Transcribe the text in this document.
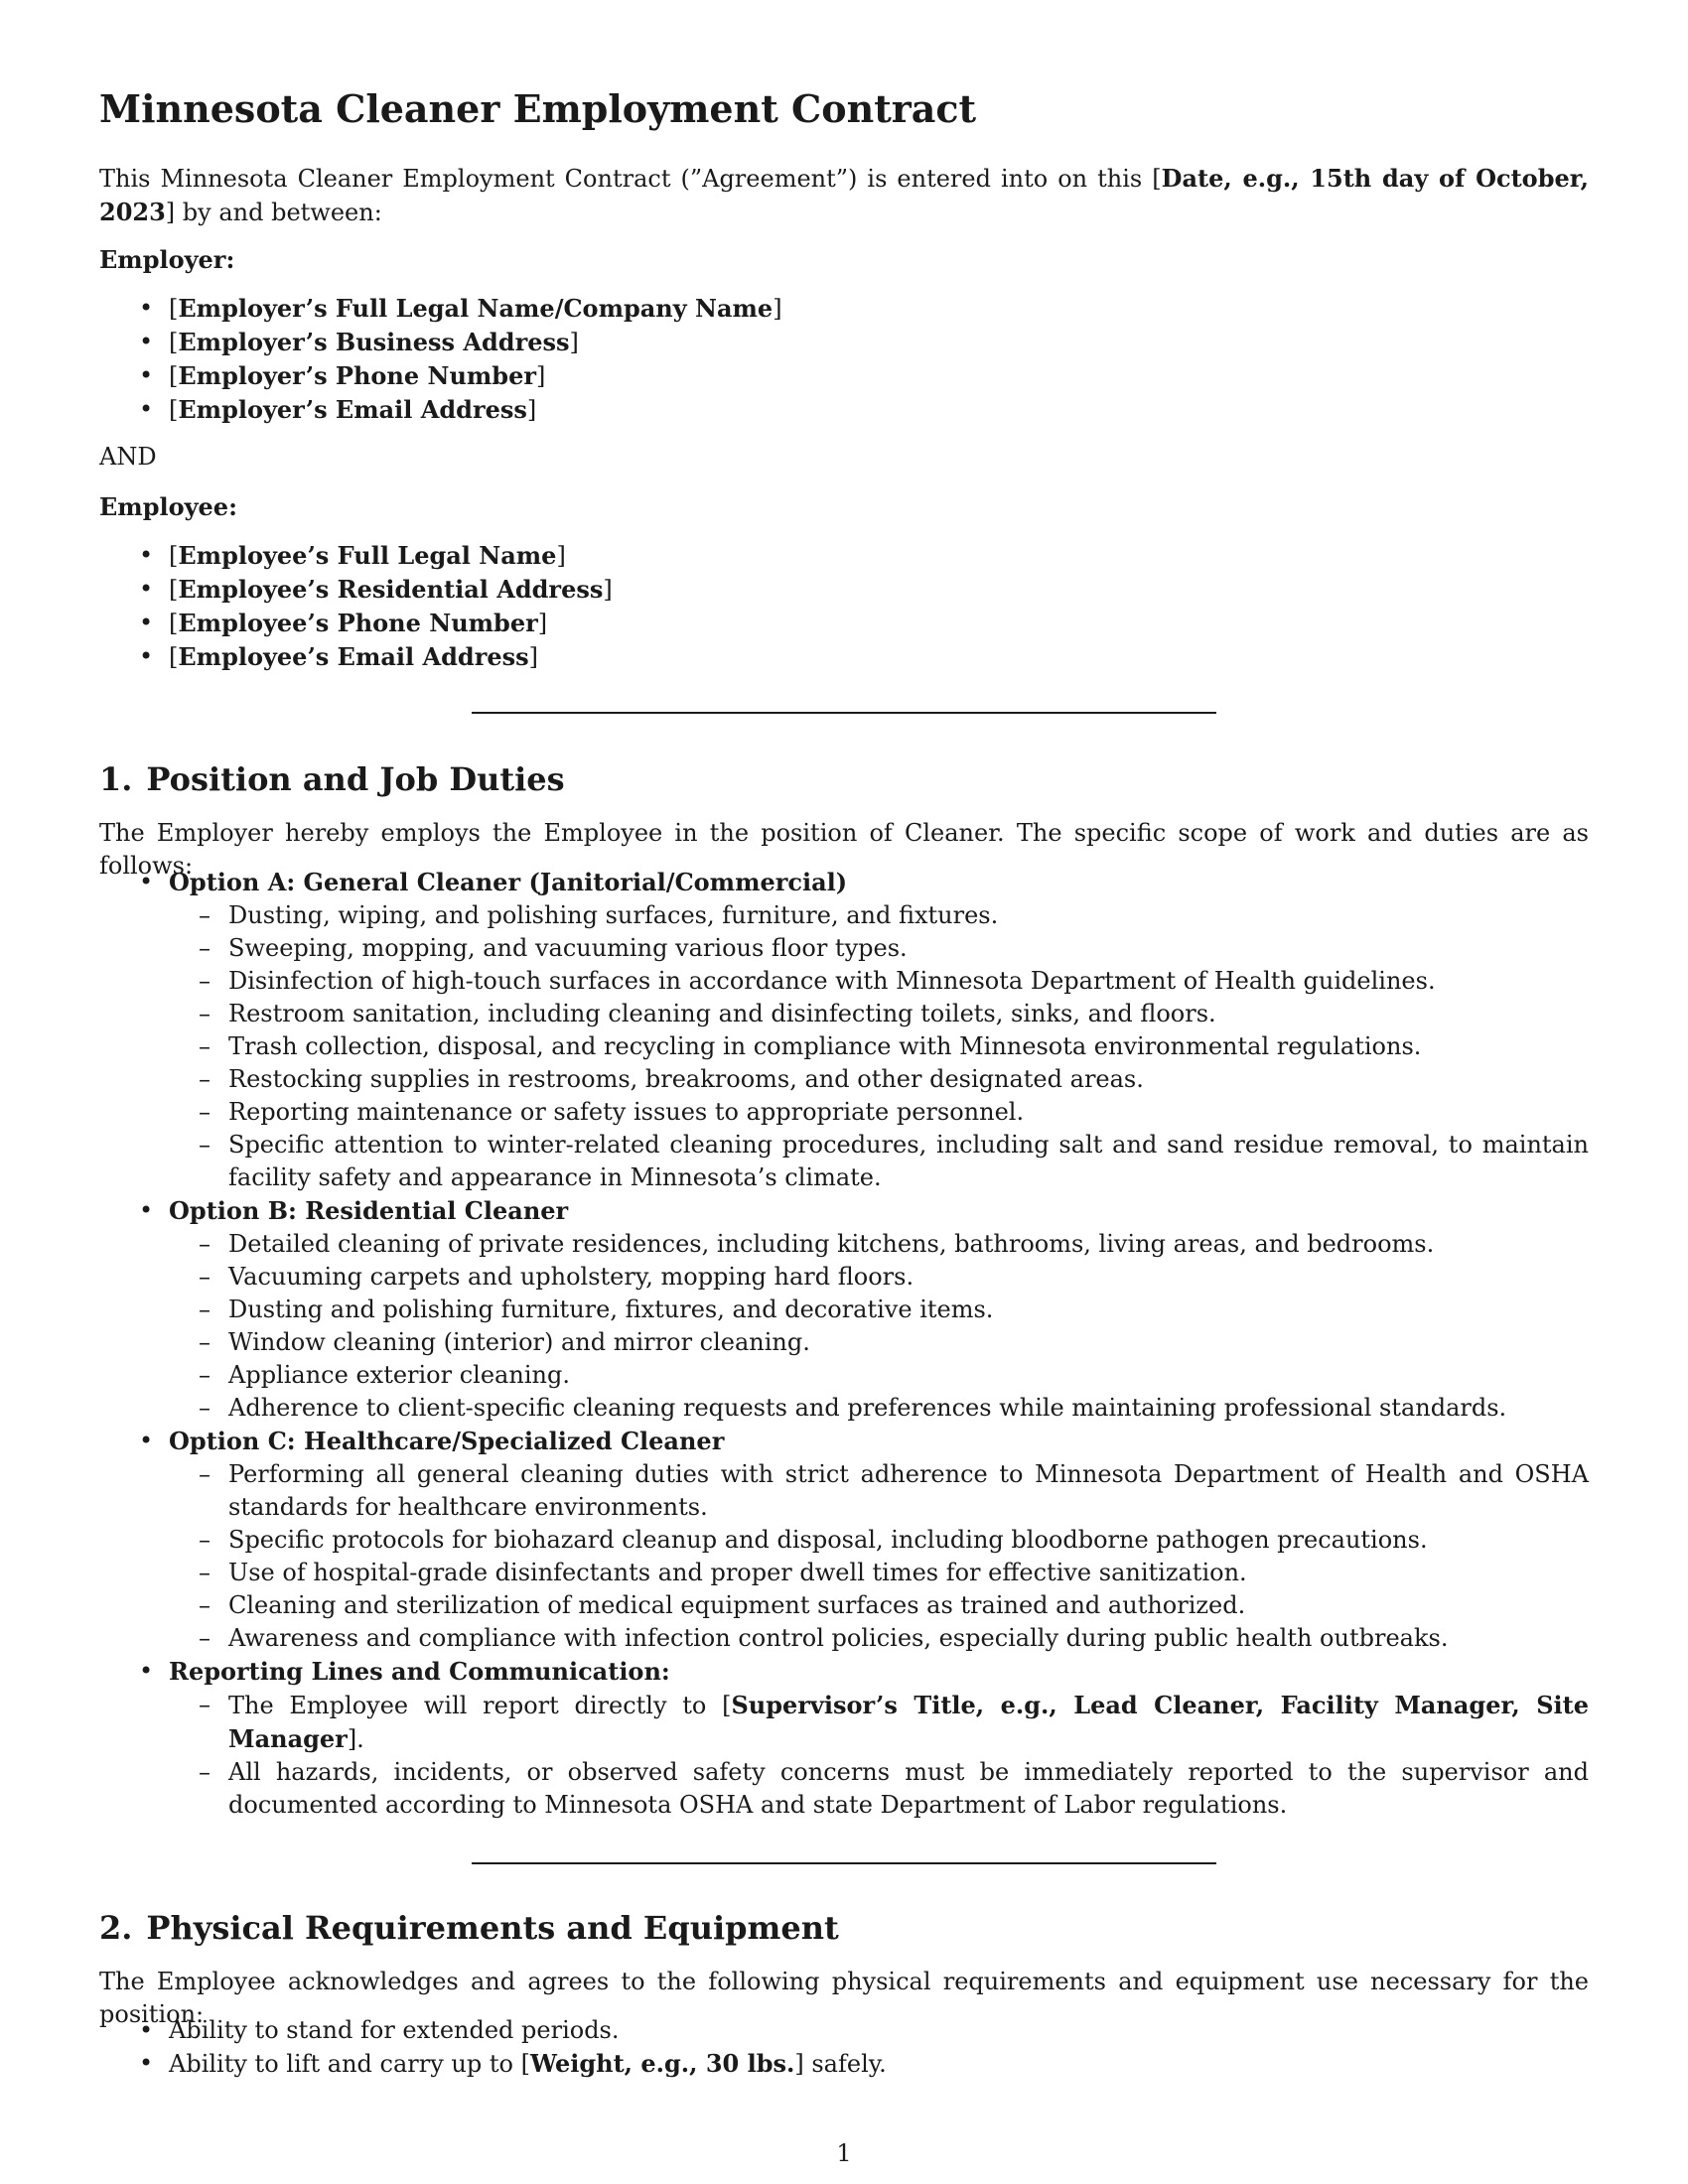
Minnesota Cleaner Employment Contract

This Minnesota Cleaner Employment Contract (”Agreement”) is entered into on this [Date, e.g., 15th day of October, 2023] by and between:

Employer:

• [Employer’s Full Legal Name/Company Name]
• [Employer’s Business Address]
• [Employer’s Phone Number]
• [Employer’s Email Address]

AND

Employee:

• [Employee’s Full Legal Name]
• [Employee’s Residential Address]
• [Employee’s Phone Number]
• [Employee’s Email Address]
1. Position and Job Duties

The Employer hereby employs the Employee in the position of Cleaner. The specific scope of work and duties are as follows:

• Option A: General Cleaner (Janitorial/Commercial)
– Dusting, wiping, and polishing surfaces, furniture, and fixtures.
– Sweeping, mopping, and vacuuming various floor types.
– Disinfection of high-touch surfaces in accordance with Minnesota Department of Health guidelines.
– Restroom sanitation, including cleaning and disinfecting toilets, sinks, and floors.
– Trash collection, disposal, and recycling in compliance with Minnesota environmental regulations.
– Restocking supplies in restrooms, breakrooms, and other designated areas.
– Reporting maintenance or safety issues to appropriate personnel.
– Specific attention to winter-related cleaning procedures, including salt and sand residue removal, to maintain facility safety and appearance in Minnesota’s climate.
• Option B: Residential Cleaner
– Detailed cleaning of private residences, including kitchens, bathrooms, living areas, and bedrooms.
– Vacuuming carpets and upholstery, mopping hard floors.
– Dusting and polishing furniture, fixtures, and decorative items.
– Window cleaning (interior) and mirror cleaning.
– Appliance exterior cleaning.
– Adherence to client-specific cleaning requests and preferences while maintaining professional standards.
• Option C: Healthcare/Specialized Cleaner
– Performing all general cleaning duties with strict adherence to Minnesota Department of Health and OSHA standards for healthcare environments.
– Specific protocols for biohazard cleanup and disposal, including bloodborne pathogen precautions.
– Use of hospital-grade disinfectants and proper dwell times for effective sanitization.
– Cleaning and sterilization of medical equipment surfaces as trained and authorized.
– Awareness and compliance with infection control policies, especially during public health outbreaks.
• Reporting Lines and Communication:
– The Employee will report directly to [Supervisor’s Title, e.g., Lead Cleaner, Facility Manager, Site Manager].
– All hazards, incidents, or observed safety concerns must be immediately reported to the supervisor and documented according to Minnesota OSHA and state Department of Labor regulations.
2. Physical Requirements and Equipment

The Employee acknowledges and agrees to the following physical requirements and equipment use necessary for the position:

• Ability to stand for extended periods.
• Ability to lift and carry up to [Weight, e.g., 30 lbs.] safely.
1
